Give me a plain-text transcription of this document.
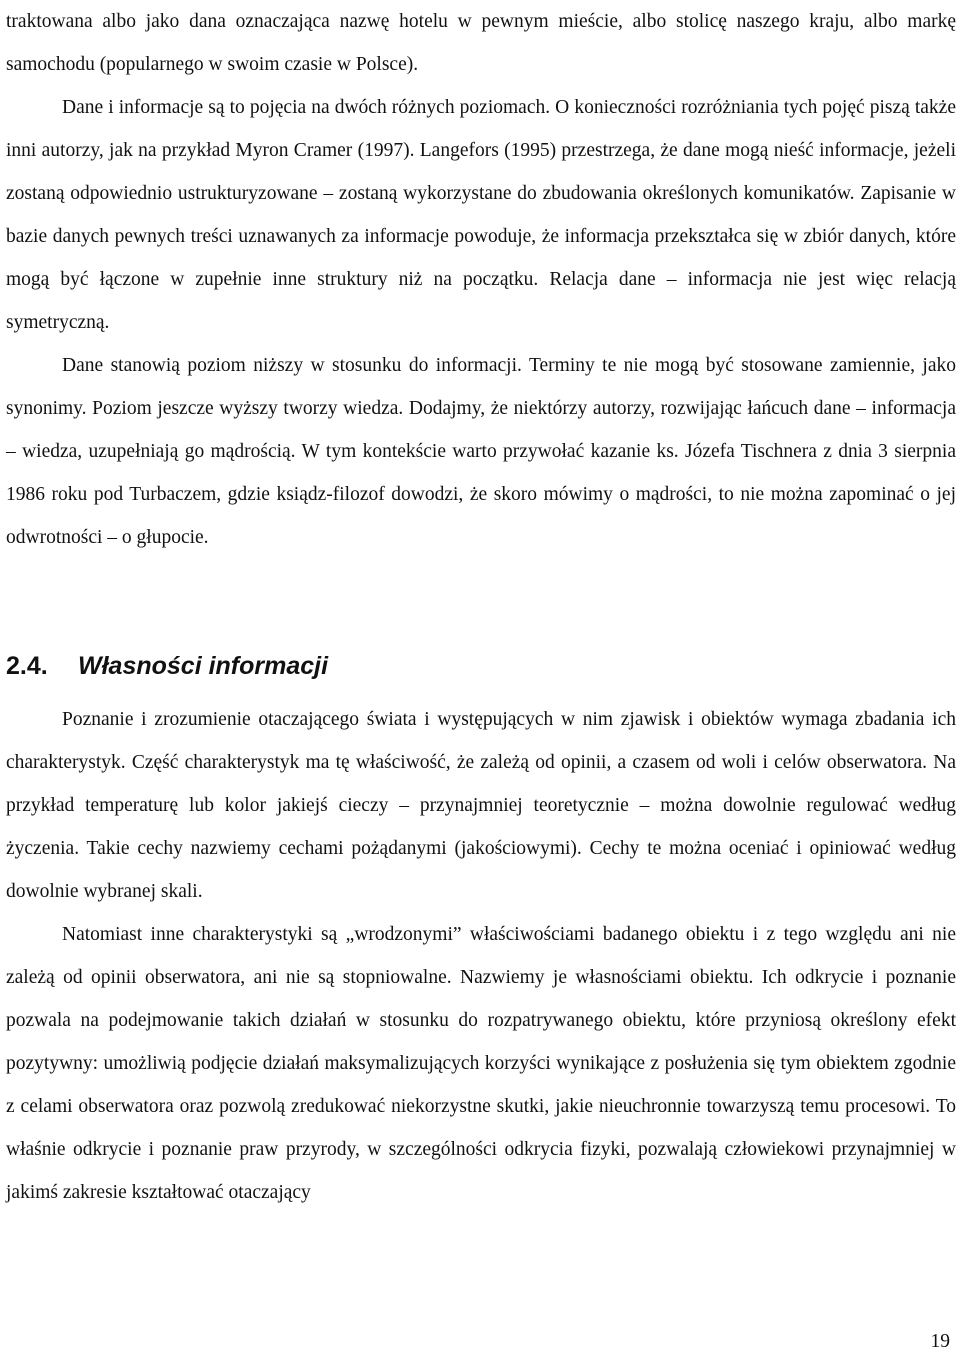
traktowana albo jako dana oznaczająca nazwę hotelu w pewnym mieście, albo stolicę naszego kraju, albo markę samochodu (popularnego w swoim czasie w Polsce).

Dane i informacje są to pojęcia na dwóch różnych poziomach. O konieczności rozróżniania tych pojęć piszą także inni autorzy, jak na przykład Myron Cramer (1997). Langefors (1995) przestrzega, że dane mogą nieść informacje, jeżeli zostaną odpowiednio ustrukturyzowane – zostaną wykorzystane do zbudowania określonych komunikatów. Zapisanie w bazie danych pewnych treści uznawanych za informacje powoduje, że informacja przekształca się w zbiór danych, które mogą być łączone w zupełnie inne struktury niż na początku. Relacja dane – informacja nie jest więc relacją symetryczną.

Dane stanowią poziom niższy w stosunku do informacji. Terminy te nie mogą być stosowane zamiennie, jako synonimy. Poziom jeszcze wyższy tworzy wiedza. Dodajmy, że niektórzy autorzy, rozwijając łańcuch dane – informacja – wiedza, uzupełniają go mądrością. W tym kontekście warto przywołać kazanie ks. Józefa Tischnera z dnia 3 sierpnia 1986 roku pod Turbaczem, gdzie ksiądz-filozof dowodzi, że skoro mówimy o mądrości, to nie można zapominać o jej odwrotności – o głupocie.

2.4. Własności informacji

Poznanie i zrozumienie otaczającego świata i występujących w nim zjawisk i obiektów wymaga zbadania ich charakterystyk. Część charakterystyk ma tę właściwość, że zależą od opinii, a czasem od woli i celów obserwatora. Na przykład temperaturę lub kolor jakiejś cieczy – przynajmniej teoretycznie – można dowolnie regulować według życzenia. Takie cechy nazwiemy cechami pożądanymi (jakościowymi). Cechy te można oceniać i opiniować według dowolnie wybranej skali.

Natomiast inne charakterystyki są „wrodzonymi” właściwościami badanego obiektu i z tego względu ani nie zależą od opinii obserwatora, ani nie są stopniowalne. Nazwiemy je własnościami obiektu. Ich odkrycie i poznanie pozwala na podejmowanie takich działań w stosunku do rozpatrywanego obiektu, które przyniosą określony efekt pozytywny: umożliwią podjęcie działań maksymalizujących korzyści wynikające z posłużenia się tym obiektem zgodnie z celami obserwatora oraz pozwolą zredukować niekorzystne skutki, jakie nieuchronnie towarzyszą temu procesowi. To właśnie odkrycie i poznanie praw przyrody, w szczególności odkrycia fizyki, pozwalają człowiekowi przynajmniej w jakimś zakresie kształtować otaczający

19
